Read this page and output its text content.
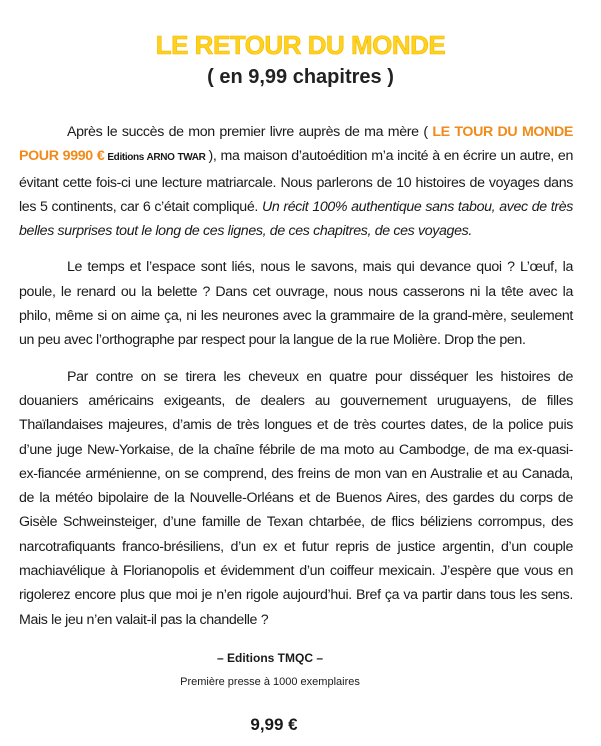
LE RETOUR DU MONDE
( en 9,99 chapitres )

Après le succès de mon premier livre auprès de ma mère ( LE TOUR DU MONDE POUR 9990 € Editions ARNO TWAR ), ma maison d’autoédition m’a incité à en écrire un autre, en évitant cette fois-ci une lecture matriarcale. Nous parlerons de 10 histoires de voyages dans les 5 continents, car 6 c’était compliqué. Un récit 100% authentique sans tabou, avec de très belles surprises tout le long de ces lignes, de ces chapitres, de ces voyages.

Le temps et l’espace sont liés, nous le savons, mais qui devance quoi ? L’œuf, la poule, le renard ou la belette ? Dans cet ouvrage, nous nous casserons ni la tête avec la philo, même si on aime ça, ni les neurones avec la grammaire de la grand-mère, seulement un peu avec l’orthographe par respect pour la langue de la rue Molière. Drop the pen.

Par contre on se tirera les cheveux en quatre pour disséquer les histoires de douaniers américains exigeants, de dealers au gouvernement uruguayens, de filles Thaïlandaises majeures, d’amis de très longues et de très courtes dates, de la police puis d’une juge New-Yorkaise, de la chaîne fébrile de ma moto au Cambodge, de ma ex-quasi-ex-fiancée arménienne, on se comprend, des freins de mon van en Australie et au Canada, de la météo bipolaire de la Nouvelle-Orléans et de Buenos Aires, des gardes du corps de Gisèle Schweinsteiger, d’une famille de Texan chtarbée, de flics béliziens corrompus, des narcotrafiquants franco-brésiliens, d’un ex et futur repris de justice argentin, d’un couple machiavélique à Florianopolis et évidemment d’un coiffeur mexicain. J’espère que vous en rigolerez encore plus que moi je n’en rigole aujourd’hui. Bref ça va partir dans tous les sens. Mais le jeu n’en valait-il pas la chandelle ?

– Editions TMQC –
Première presse à 1000 exemplaires
9,99 €
